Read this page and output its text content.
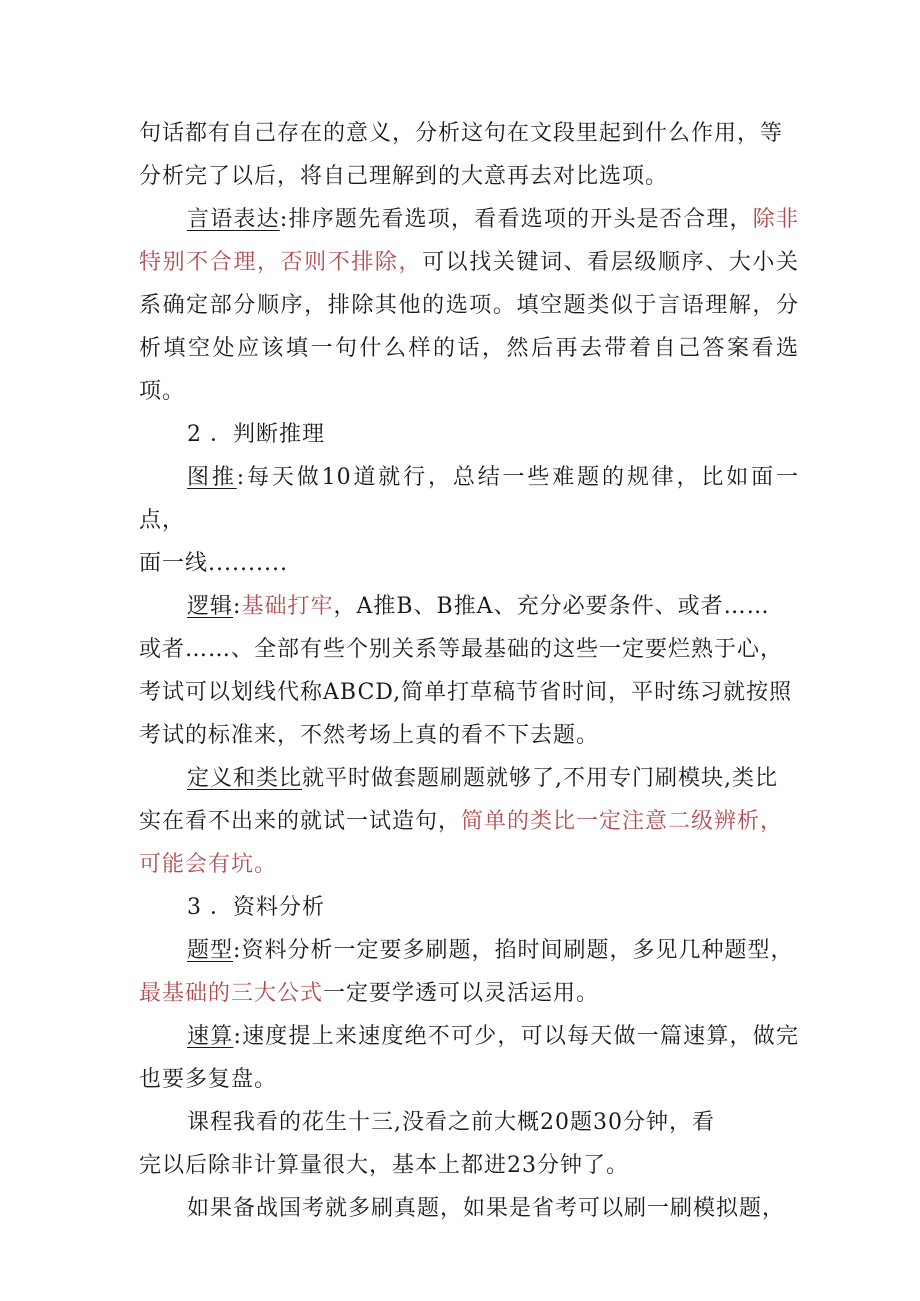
句话都有自己存在的意义，分析这句在文段里起到什么作用，等
分析完了以后，将自己理解到的大意再去对比选项。

言语表达:排序题先看选项，看看选项的开头是否合理，除非特别不合理，否则不排除，可以找关键词、看层级顺序、大小关系确定部分顺序，排除其他的选项。填空题类似于言语理解，分析填空处应该填一句什么样的话，然后再去带着自己答案看选项。

2 ．判断推理

图推:每天做10道就行，总结一些难题的规律，比如面一点，
面一线..........

逻辑:基础打牢，A推B、B推A、充分必要条件、或者……
或者……、全部有些个别关系等最基础的这些一定要烂熟于心，
考试可以划线代称ABCD,简单打草稿节省时间，平时练习就按照
考试的标准来，不然考场上真的看不下去题。

定义和类比就平时做套题刷题就够了,不用专门刷模块,类比
实在看不出来的就试一试造句，简单的类比一定注意二级辨析，
可能会有坑。

3 ．资料分析

题型:资料分析一定要多刷题，掐时间刷题，多见几种题型，
最基础的三大公式一定要学透可以灵活运用。

速算:速度提上来速度绝不可少，可以每天做一篇速算，做完也要多复盘。

课程我看的花生十三,没看之前大概20题30分钟，看
完以后除非计算量很大，基本上都进23分钟了。

如果备战国考就多刷真题，如果是省考可以刷一刷模拟题，
